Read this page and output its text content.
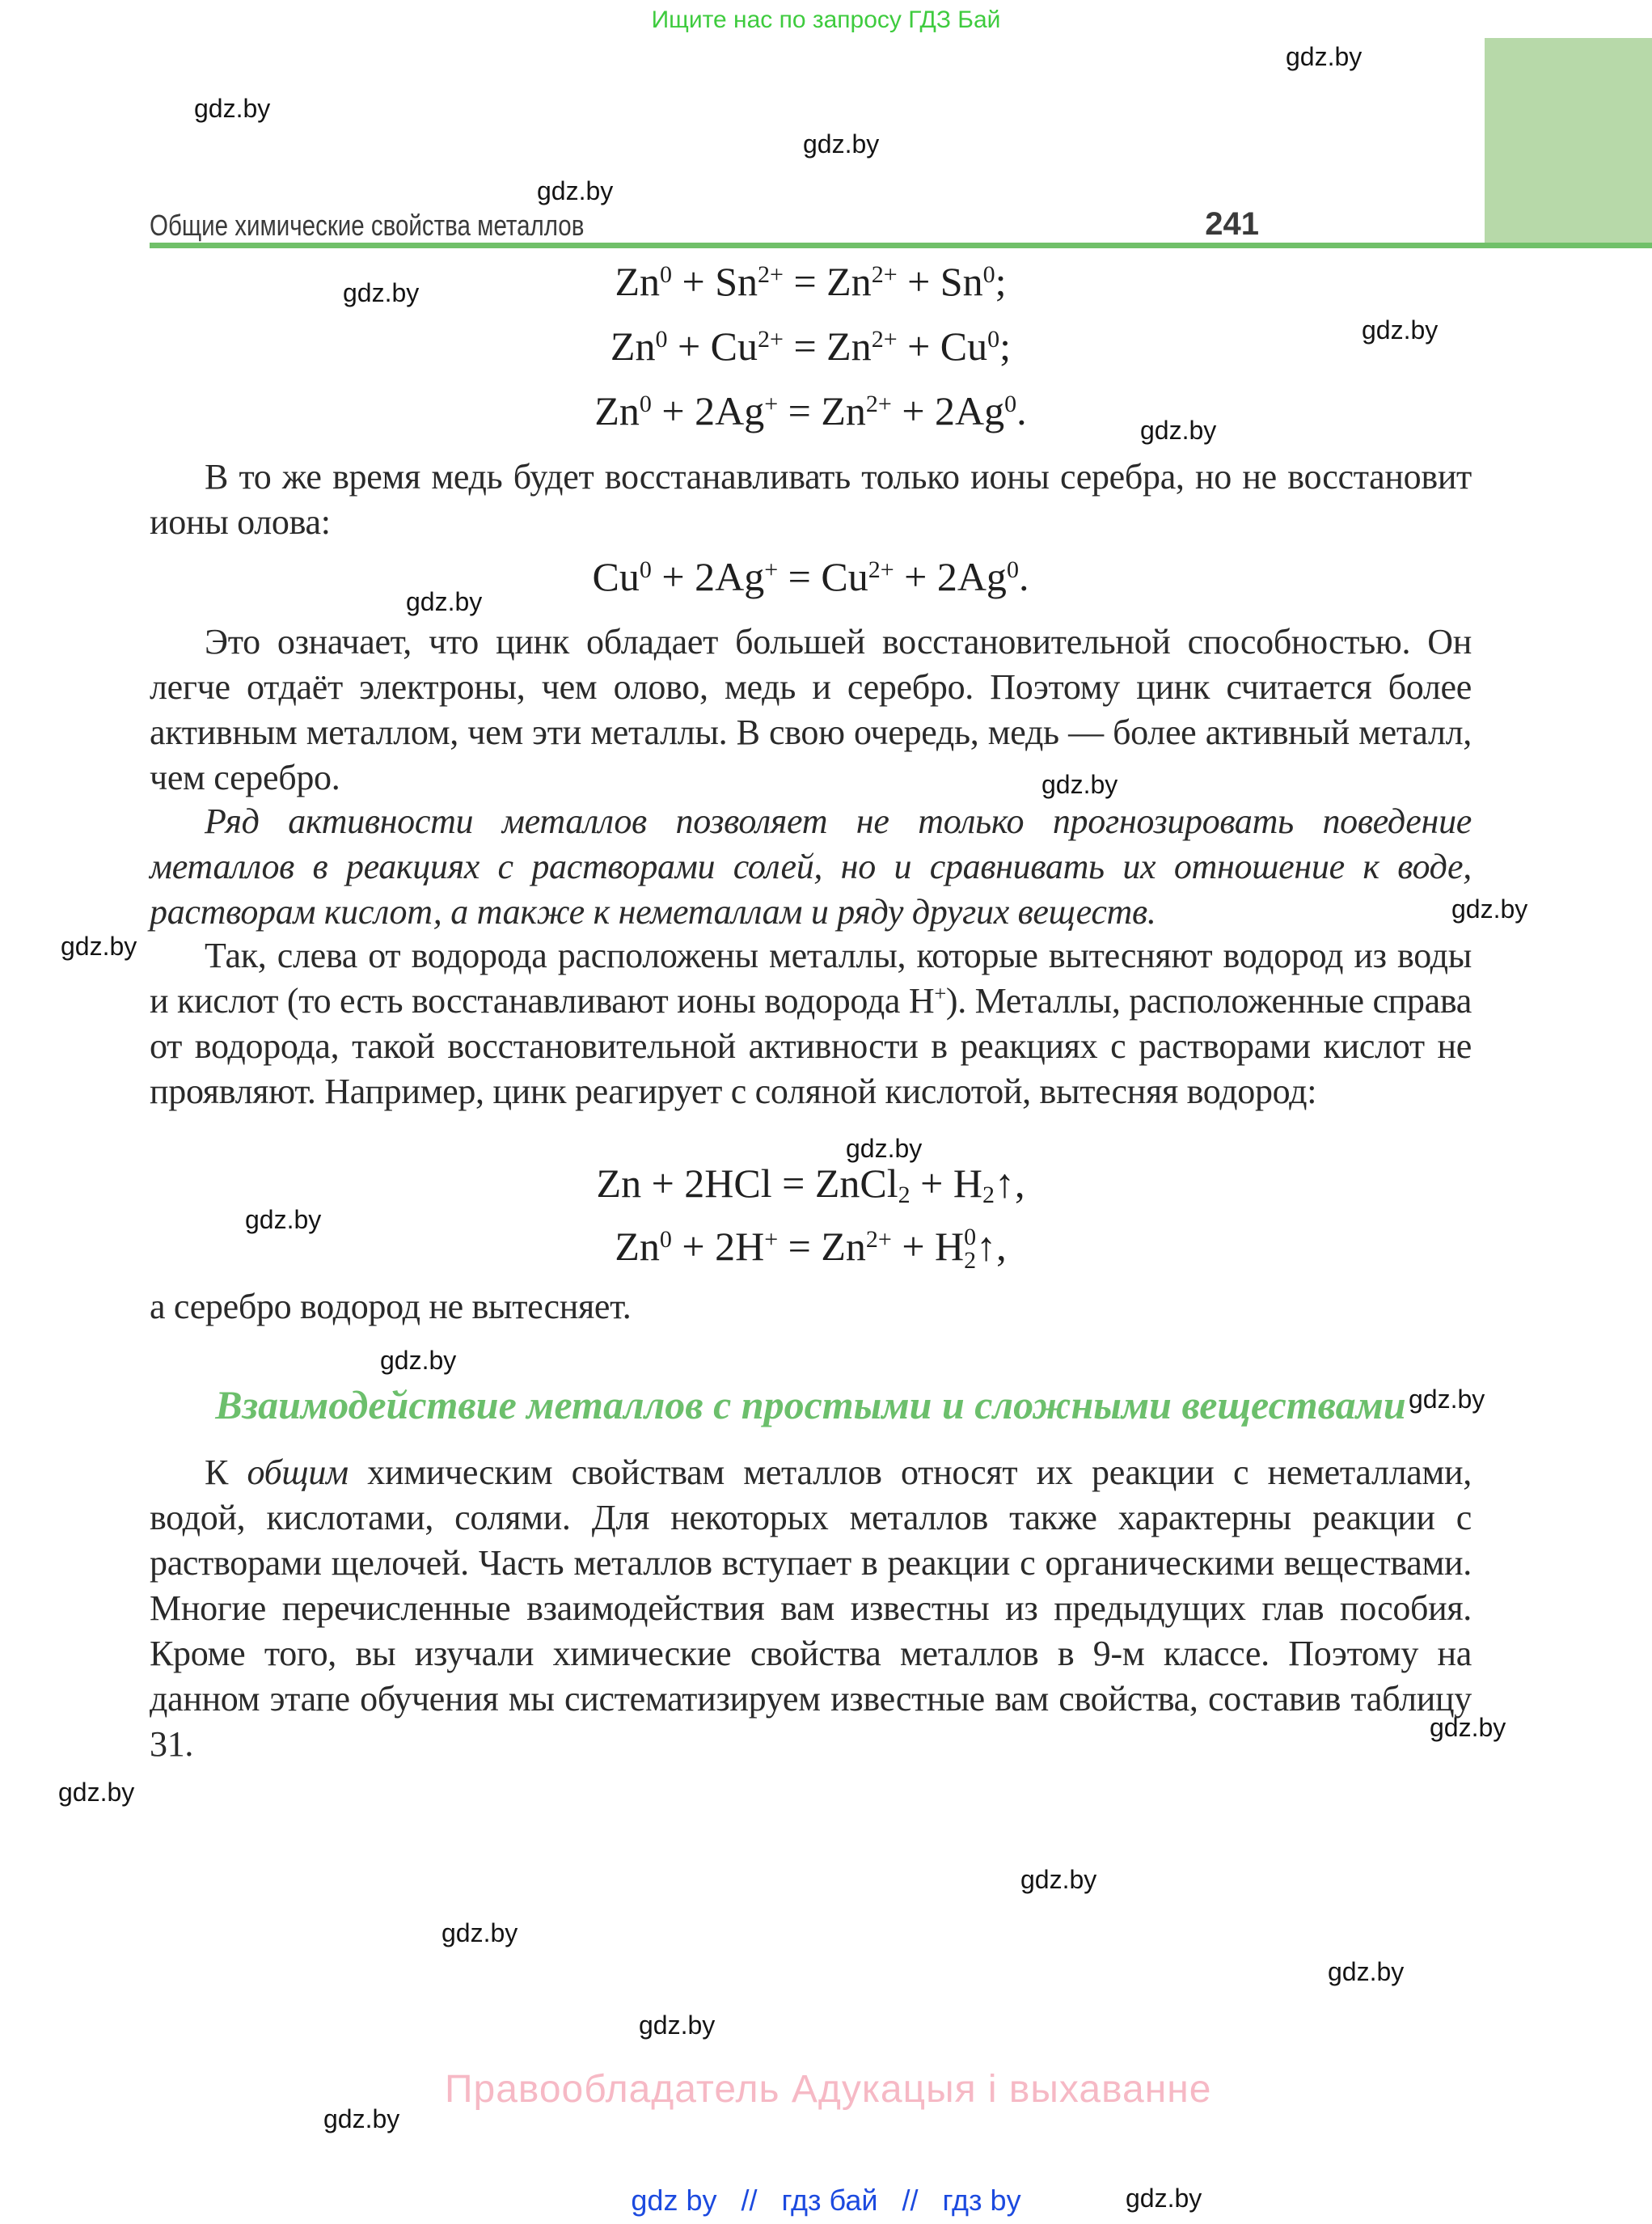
Ищите нас по запросу ГДЗ Бай
Общие химические свойства металлов	241
gdz.by
gdz.by
gdz.by
gdz.by
gdz.by
gdz.by
gdz.by
gdz.by
gdz.by
gdz.by
gdz.by
gdz.by
gdz.by
gdz.by
gdz.by
gdz.by
gdz.by
gdz.by
gdz.by
gdz.by
gdz.by
gdz.by
gdz.by
$Zn^0 + Sn^{2+} = Zn^{2+} + Sn^0$;
$Zn^0 + Cu^{2+} = Zn^{2+} + Cu^0$;
$Zn^0 + 2Ag^+ = Zn^{2+} + 2Ag^0$.

В то же время медь будет восстанавливать только ионы серебра, но не восстановит ионы олова:

$Cu^0 + 2Ag^+ = Cu^{2+} + 2Ag^0$.

Это означает, что цинк обладает большей восстановительной способностью. Он легче отдаёт электроны, чем олово, медь и серебро. Поэтому цинк считается более активным металлом, чем эти металлы. В свою очередь, медь — более активный металл, чем серебро.

Ряд активности металлов позволяет не только прогнозировать поведение металлов в реакциях с растворами солей, но и сравнивать их отношение к воде, растворам кислот, а также к неметаллам и ряду других веществ.

Так, слева от водорода расположены металлы, которые вытесняют водород из воды и кислот (то есть восстанавливают ионы водорода H+). Металлы, расположенные справа от водорода, такой восстановительной активности в реакциях с растворами кислот не проявляют. Например, цинк реагирует с соляной кислотой, вытесняя водород:

Zn + 2HCl = ZnCl$_2$ + $H_2↑$,
$Zn^0 + 2H^+ = Zn^{2+} + H$ 0
2 ↑,

а серебро водород не вытесняет.

Взаимодействие металлов с простыми и сложными веществами

К общим химическим свойствам металлов относят их реакции с неметаллами, водой, кислотами, солями. Для некоторых металлов также характерны реакции с растворами щелочей. Часть металлов вступает в реакции с органическими веществами. Многие перечисленные взаимодействия вам известны из предыдущих глав пособия. Кроме того, вы изучали химические свойства металлов в 9-м классе. Поэтому на данном этапе обучения мы систематизируем известные вам свойства, составив таблицу 31.

Правообладатель Адукацыя і выхаванне
gdz by // гдз бай // гдз by
